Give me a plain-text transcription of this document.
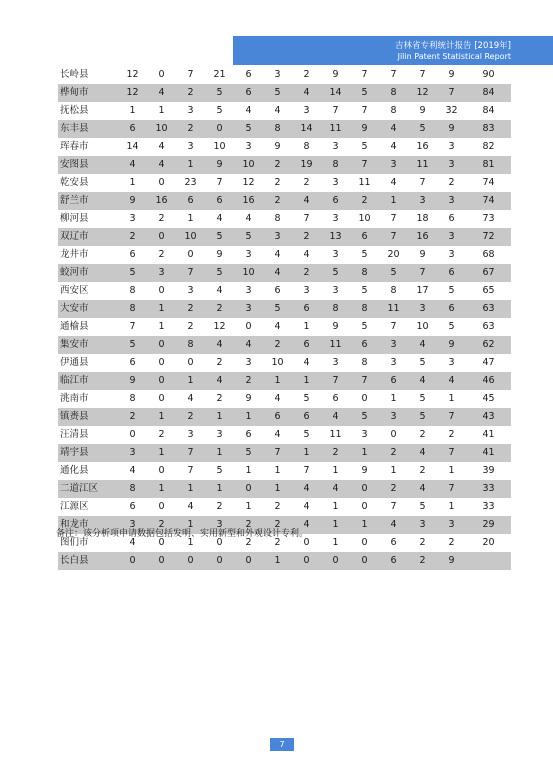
吉林省专利统计报告 [2019年]
Jilin Patent Statistical Report
长岭县	12	0	7	21	6	3	2	9	7	7	7	9	90
桦甸市	12	4	2	5	6	5	4	14	5	8	12	7	84
抚松县	1	1	3	5	4	4	3	7	7	8	9	32	84
东丰县	6	10	2	0	5	8	14	11	9	4	5	9	83
珲春市	14	4	3	10	3	9	8	3	5	4	16	3	82
安图县	4	4	1	9	10	2	19	8	7	3	11	3	81
乾安县	1	0	23	7	12	2	2	3	11	4	7	2	74
舒兰市	9	16	6	6	16	2	4	6	2	1	3	3	74
柳河县	3	2	1	4	4	8	7	3	10	7	18	6	73
双辽市	2	0	10	5	5	3	2	13	6	7	16	3	72
龙井市	6	2	0	9	3	4	4	3	5	20	9	3	68
蛟河市	5	3	7	5	10	4	2	5	8	5	7	6	67
西安区	8	0	3	4	3	6	3	3	5	8	17	5	65
大安市	8	1	2	2	3	5	6	8	8	11	3	6	63
通榆县	7	1	2	12	0	4	1	9	5	7	10	5	63
集安市	5	0	8	4	4	2	6	11	6	3	4	9	62
伊通县	6	0	0	2	3	10	4	3	8	3	5	3	47
临江市	9	0	1	4	2	1	1	7	7	6	4	4	46
洮南市	8	0	4	2	9	4	5	6	0	1	5	1	45
镇赉县	2	1	2	1	1	6	6	4	5	3	5	7	43
汪清县	0	2	3	3	6	4	5	11	3	0	2	2	41
靖宇县	3	1	7	1	5	7	1	2	1	2	4	7	41
通化县	4	0	7	5	1	1	7	1	9	1	2	1	39
二道江区	8	1	1	1	0	1	4	4	0	2	4	7	33
江源区	6	0	4	2	1	2	4	1	0	7	5	1	33
和龙市	3	2	1	3	2	2	4	1	1	4	3	3	29
图们市	4	0	1	0	2	2	0	1	0	6	2	2	20
长白县	0	0	0	0	0	1	0	0	0	6	2	9	
备注：该分析项申请数据包括发明、实用新型和外观设计专利。
7
